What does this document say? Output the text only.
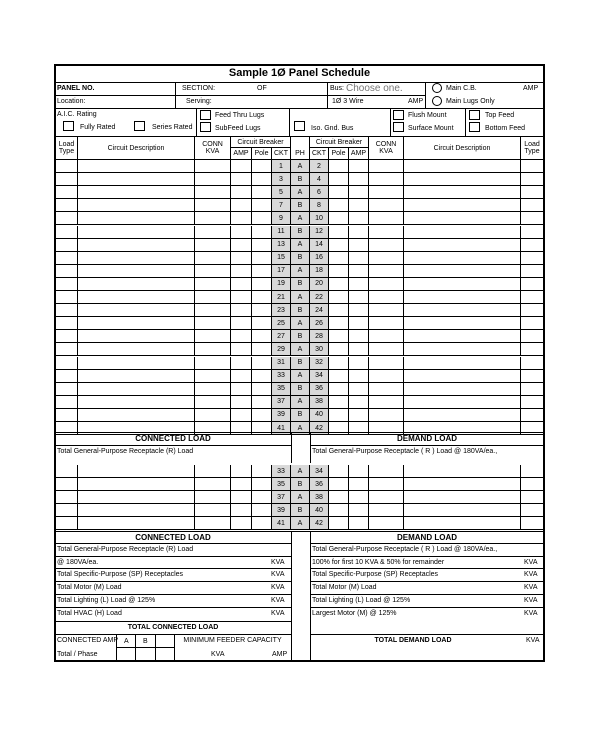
Sample 1Ø Panel Schedule
PANEL NO.	SECTION:	OF	Bus: Choose one.	Main C.B.	AMP
Location:	Serving:	1Ø 3 Wire	AMP	Main Lugs Only
A.I.C. Rating
Fully Rated	Series Rated
Feed Thru Lugs
SubFeed Lugs	Iso. Gnd. Bus
Flush Mount
Surface Mount
Top Feed
Bottom Feed
Load Type	Circuit Description	CONN KVA
Circuit Breaker
AMP Pole CKT	PH
Circuit Breaker
CKT Pole AMP
CONN KVA	Circuit Description	Load Type
1	A	2
3	B	4
5	A	6
7	B	8
9	A	10
11	B	12
13	A	14
15	B	16
17	A	18
19	B	20
21	A	22
23	B	24
25	A	26
27	B	28
29	A	30
31	B	32
33	A	34
35	B	36
37	A	38
39	B	40
41	A	42
CONNECTED LOAD	DEMAND LOAD
Total General-Purpose Receptacle (R) Load	Total General-Purpose Receptacle ( R ) Load @ 180VA/ea.,
33	A	34
35	B	36
37	A	38
39	B	40
41	A	42
CONNECTED LOAD	DEMAND LOAD
Total General-Purpose Receptacle (R) Load
@ 180VA/ea.	KVA
Total Specific-Purpose (SP) Receptacles	KVA
Total Motor (M) Load	KVA
Total Lighting (L) Load @ 125%	KVA
Total HVAC (H) Load	KVA
Total General-Purpose Receptacle ( R ) Load @ 180VA/ea.,
100% for first 10 KVA & 50% for remainder	KVA
Total Specific-Purpose (SP) Receptacles	KVA
Total Motor (M) Load	KVA
Total Lighting (L) Load @ 125%	KVA
Largest Motor (M) @ 125%	KVA
TOTAL CONNECTED LOAD
TOTAL DEMAND LOAD	KVA
CONNECTED AMP
Total / Phase
A B	MINIMUM FEEDER CAPACITY
KVA	AMP
